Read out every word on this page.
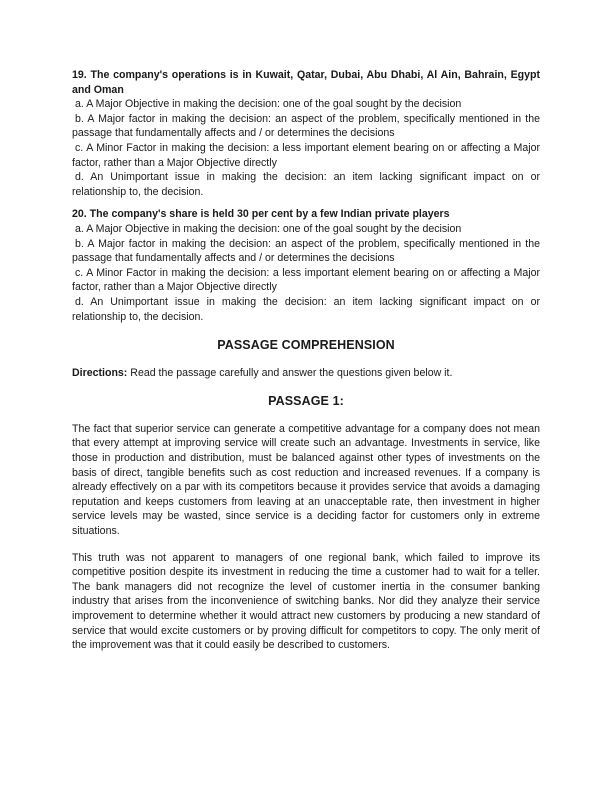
19. The company's operations is in Kuwait, Qatar, Dubai, Abu Dhabi, Al Ain, Bahrain, Egypt and Oman

a. A Major Objective in making the decision: one of the goal sought by the decision

b. A Major factor in making the decision: an aspect of the problem, specifically mentioned in the passage that fundamentally affects and / or determines the decisions

c. A Minor Factor in making the decision: a less important element bearing on or affecting a Major factor, rather than a Major Objective directly

d. An Unimportant issue in making the decision: an item lacking significant impact on or relationship to, the decision.

20. The company's share is held 30 per cent by a few Indian private players

a. A Major Objective in making the decision: one of the goal sought by the decision

b. A Major factor in making the decision: an aspect of the problem, specifically mentioned in the passage that fundamentally affects and / or determines the decisions

c. A Minor Factor in making the decision: a less important element bearing on or affecting a Major factor, rather than a Major Objective directly

d. An Unimportant issue in making the decision: an item lacking significant impact on or relationship to, the decision.

PASSAGE COMPREHENSION

Directions: Read the passage carefully and answer the questions given below it.

PASSAGE 1:

The fact that superior service can generate a competitive advantage for a company does not mean that every attempt at improving service will create such an advantage. Investments in service, like those in production and distribution, must be balanced against other types of investments on the basis of direct, tangible benefits such as cost reduction and increased revenues. If a company is already effectively on a par with its competitors because it provides service that avoids a damaging reputation and keeps customers from leaving at an unacceptable rate, then investment in higher service levels may be wasted, since service is a deciding factor for customers only in extreme situations.

This truth was not apparent to managers of one regional bank, which failed to improve its competitive position despite its investment in reducing the time a customer had to wait for a teller. The bank managers did not recognize the level of customer inertia in the consumer banking industry that arises from the inconvenience of switching banks. Nor did they analyze their service improvement to determine whether it would attract new customers by producing a new standard of service that would excite customers or by proving difficult for competitors to copy. The only merit of the improvement was that it could easily be described to customers.
